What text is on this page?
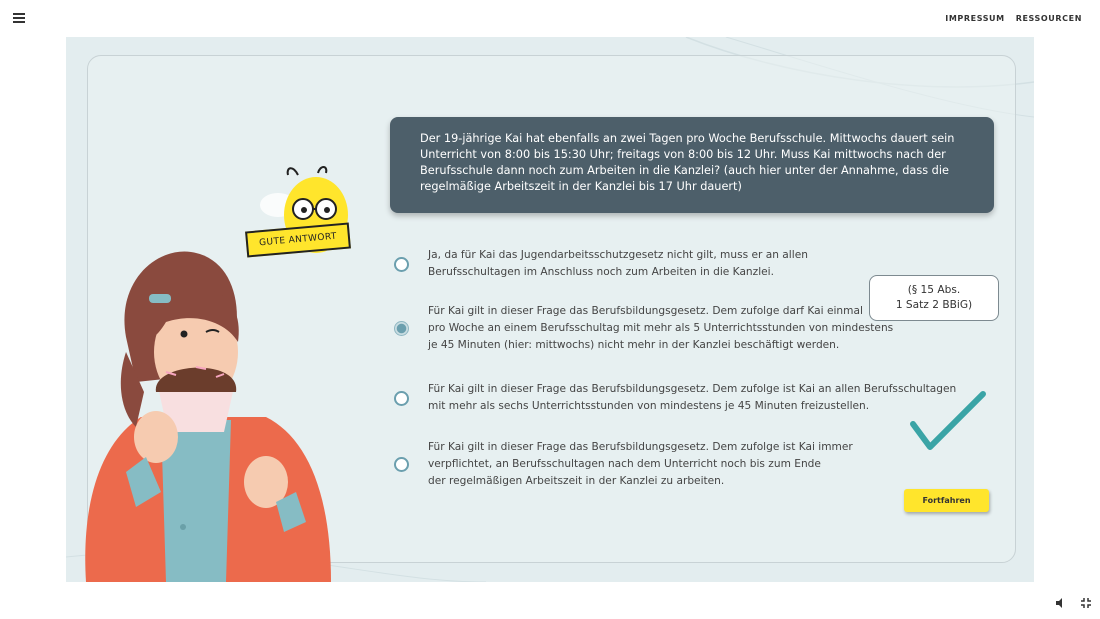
IMPRESSUM RESSOURCEN
GUTE ANTWORT

Der 19-jährige Kai hat ebenfalls an zwei Tagen pro Woche Berufsschule. Mittwochs dauert sein Unterricht von 8:00 bis 15:30 Uhr; freitags von 8:00 bis 12 Uhr. Muss Kai mittwochs nach der Berufsschule dann noch zum Arbeiten in die Kanzlei? (auch hier unter der Annahme, dass die regelmäßige Arbeitszeit in der Kanzlei bis 17 Uhr dauert)

Ja, da für Kai das Jugendarbeitsschutzgesetz nicht gilt, muss er an allen
Berufsschultagen im Anschluss noch zum Arbeiten in die Kanzlei.
Für Kai gilt in dieser Frage das Berufsbildungsgesetz. Dem zufolge darf Kai einmal
pro Woche an einem Berufsschultag mit mehr als 5 Unterrichtsstunden von mindestens
je 45 Minuten (hier: mittwochs) nicht mehr in der Kanzlei beschäftigt werden.
Für Kai gilt in dieser Frage das Berufsbildungsgesetz. Dem zufolge ist Kai an allen Berufsschultagen
mit mehr als sechs Unterrichtsstunden von mindestens je 45 Minuten freizustellen.
Für Kai gilt in dieser Frage das Berufsbildungsgesetz. Dem zufolge ist Kai immer
verpflichtet, an Berufsschultagen nach dem Unterricht noch bis zum Ende
der regelmäßigen Arbeitszeit in der Kanzlei zu arbeiten.
(§ 15 Abs.
1 Satz 2 BBiG)
Fortfahren
